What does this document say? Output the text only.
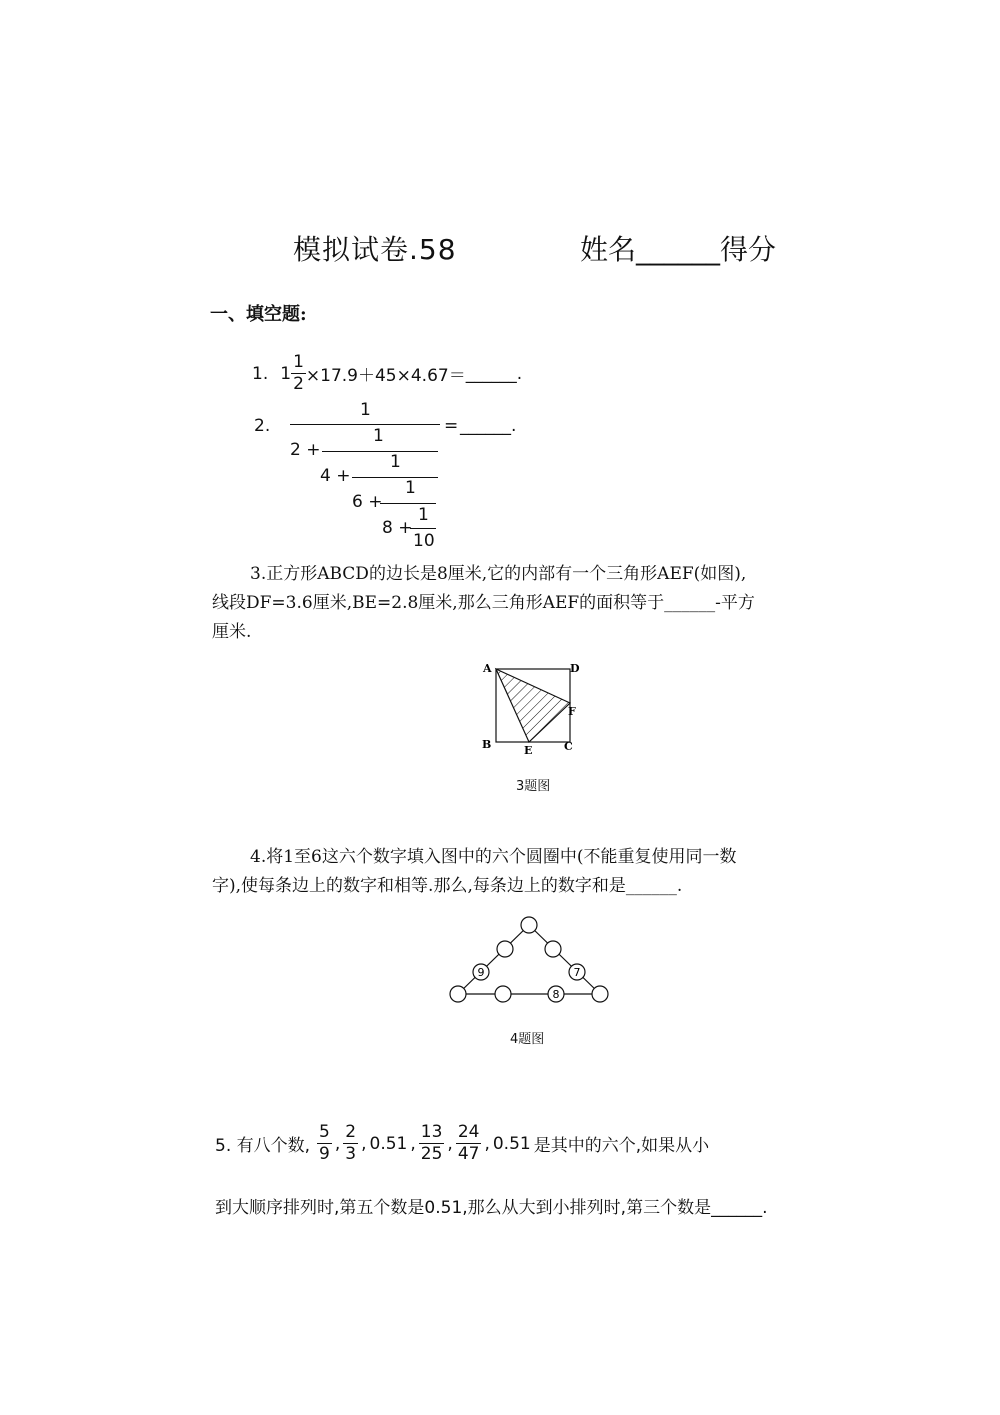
模拟试卷.58	姓名______得分
一、填空题:
1. $1 \frac{1}{2} \times 17.9+45\times 4.67=$ ______.
2.
1
= ______.
2 +
1
4 +
1
6 +
1
8 +
1
10
3.正方形ABCD的边长是8厘米,它的内部有一个三角形AEF(如图),
线段DF=3.6厘米,BE=2.8厘米,那么三角形AEF的面积等于______-平方
厘米.
A	D
F
B	E	C
3题图
4.将1至6这六个数字填入图中的六个圆圈中(不能重复使用同一数
字),使每条边上的数字和相等.那么,每条边上的数字和是______.
9	7
8
4题图
5. 有八个数, $\frac{5}{9}$ , $\frac{2}{3}$ , 0.51 , $\frac{13}{25}$ , $\frac{24}{47}$ , 0.51 是其中的六个,如果从小
到大顺序排列时,第五个数是0.51,那么从大到小排列时,第三个数是______.
